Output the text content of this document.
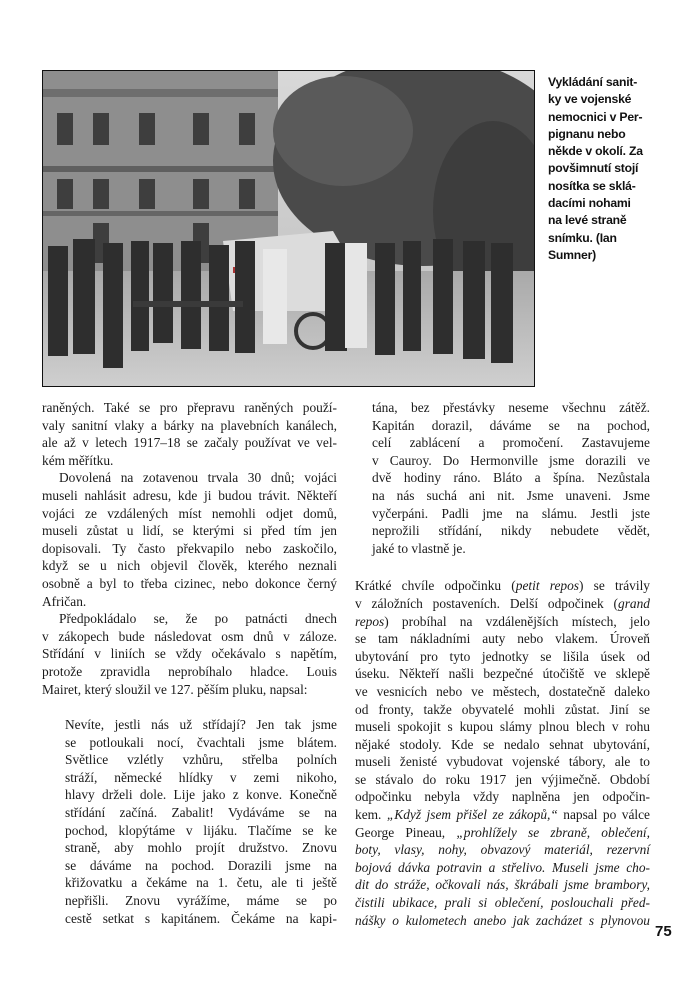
Vykládání sanit-
ky ve vojenské
nemocnici v Per-
pignanu nebo
někde v okolí. Za
povšimnutí stojí
nosítka se sklá-
dacími nohami
na levé straně
snímku. (Ian
Sumner)
raněných. Také se pro přepravu raněných použí-
valy sanitní vlaky a bárky na plavebních kanálech,
ale až v letech 1917–18 se začaly používat ve vel-
kém měřítku.
Dovolená na zotavenou trvala 30 dnů; vojáci
museli nahlásit adresu, kde ji budou trávit. Někteří
vojáci ze vzdálených míst nemohli odjet domů,
museli zůstat u lidí, se kterými si před tím jen
dopisovali. Ty často překvapilo nebo zaskočilo,
když se u nich objevil člověk, kterého neznali
osobně a byl to třeba cizinec, nebo dokonce černý
Afričan.
Předpokládalo se, že po patnácti dnech
v zákopech bude následovat osm dnů v záloze.
Střídání v liniích se vždy očekávalo s napětím,
protože zpravidla neprobíhalo hladce. Louis
Mairet, který sloužil ve 127. pěším pluku, napsal:
Nevíte, jestli nás už střídají? Jen tak jsme
se potloukali nocí, čvachtali jsme blátem.
Světlice vzlétly vzhůru, střelba polních
stráží, německé hlídky v zemi nikoho,
hlavy drželi dole. Lije jako z konve. Konečně
střídání začíná. Zabalit! Vydáváme se na
pochod, klopýtáme v lijáku. Tlačíme se ke
straně, aby mohlo projít družstvo. Znovu
se dáváme na pochod. Dorazili jsme na
křižovatku a čekáme na 1. četu, ale ti ještě
nepřišli. Znovu vyrážíme, máme se po
cestě setkat s kapitánem. Čekáme na kapi-
tána, bez přestávky neseme všechnu zátěž.
Kapitán dorazil, dáváme se na pochod,
celí zablácení a promočení. Zastavujeme
v Cauroy. Do Hermonville jsme dorazili ve
dvě hodiny ráno. Bláto a špína. Nezůstala
na nás suchá ani nit. Jsme unaveni. Jsme
vyčerpáni. Padli jme na slámu. Jestli jste
neprožili střídání, nikdy nebudete vědět,
jaké to vlastně je.
Krátké chvíle odpočinku (petit repos) se trávily
v záložních postaveních. Delší odpočinek (grand
repos) probíhal na vzdálenějších místech, jelo
se tam nákladními auty nebo vlakem. Úroveň
ubytování pro tyto jednotky se lišila úsek od
úseku. Někteří našli bezpečné útočiště ve sklepě
ve vesnicích nebo ve městech, dostatečně daleko
od fronty, takže obyvatelé mohli zůstat. Jiní se
museli spokojit s kupou slámy plnou blech v rohu
nějaké stodoly. Kde se nedalo sehnat ubytování,
museli ženisté vybudovat vojenské tábory, ale to
se stávalo do roku 1917 jen výjimečně. Období
odpočinku nebyla vždy naplněna jen odpočin-
kem. „Když jsem přišel ze zákopů,“ napsal po válce
George Pineau, „prohlížely se zbraně, oblečení,
boty, vlasy, nohy, obvazový materiál, rezervní
bojová dávka potravin a střelivo. Museli jsme cho-
dit do stráže, očkovali nás, škrábali jsme brambory,
čistili ubikace, prali si oblečení, poslouchali před-
nášky o kulometech anebo jak zacházet s plynovou
75
